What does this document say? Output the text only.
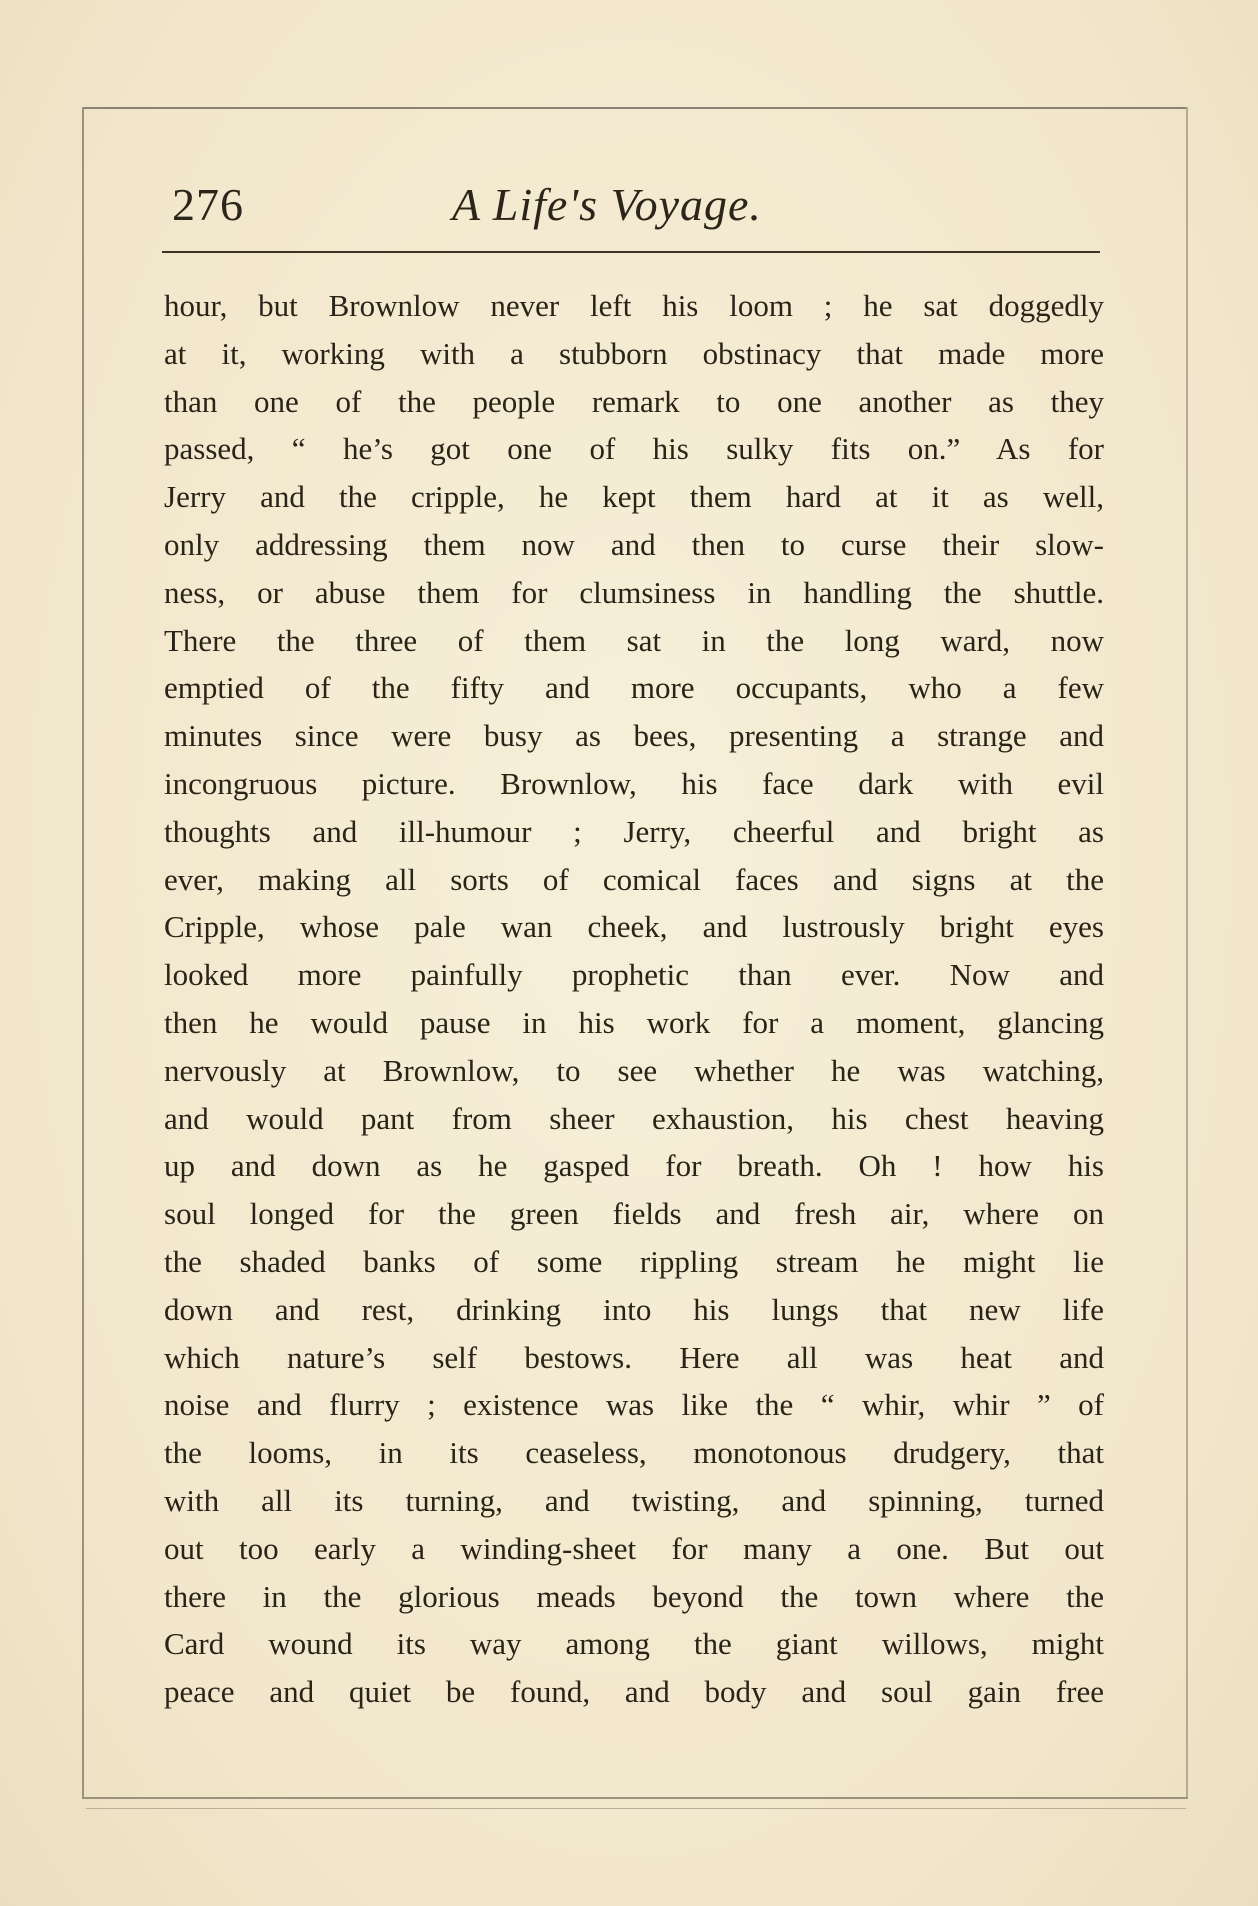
276	A Life's Voyage.
hour, but Brownlow never left his loom ; he sat doggedly
at it, working with a stubborn obstinacy that made more
than one of the people remark to one another as they
passed, “ he’s got one of his sulky fits on.” As for
Jerry and the cripple, he kept them hard at it as well,
only addressing them now and then to curse their slow-
ness, or abuse them for clumsiness in handling the shuttle.
There the three of them sat in the long ward, now
emptied of the fifty and more occupants, who a few
minutes since were busy as bees, presenting a strange and
incongruous picture. Brownlow, his face dark with evil
thoughts and ill-humour ; Jerry, cheerful and bright as
ever, making all sorts of comical faces and signs at the
Cripple, whose pale wan cheek, and lustrously bright eyes
looked more painfully prophetic than ever. Now and
then he would pause in his work for a moment, glancing
nervously at Brownlow, to see whether he was watching,
and would pant from sheer exhaustion, his chest heaving
up and down as he gasped for breath. Oh ! how his
soul longed for the green fields and fresh air, where on
the shaded banks of some rippling stream he might lie
down and rest, drinking into his lungs that new life
which nature’s self bestows. Here all was heat and
noise and flurry ; existence was like the “ whir, whir ” of
the looms, in its ceaseless, monotonous drudgery, that
with all its turning, and twisting, and spinning, turned
out too early a winding-sheet for many a one. But out
there in the glorious meads beyond the town where the
Card wound its way among the giant willows, might
peace and quiet be found, and body and soul gain free
